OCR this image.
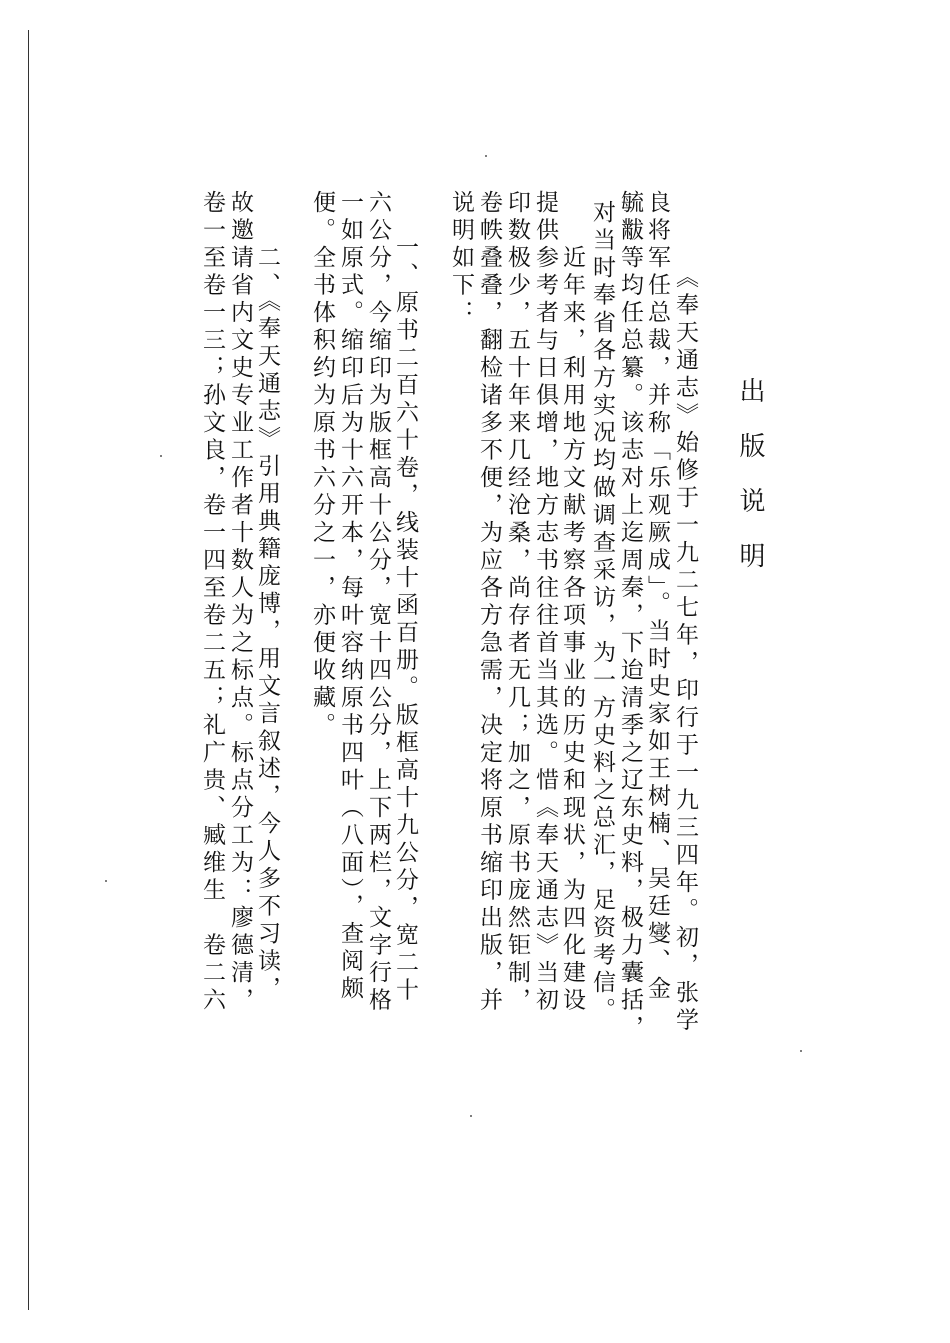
出版说明
《奉天通志》始修于一九二七年，印行于一九三四年。初，张学
良将军任总裁，并称「乐观厥成」。当时史家如王树楠、吴廷燮、金
毓黻等均任总纂。该志对上迄周秦，下迨清季之辽东史料，极力囊括，
对当时奉省各方实况均做调查采访，为一方史料之总汇，足资考信。
近年来，利用地方文献考察各项事业的历史和现状，为四化建设
提供参考者与日俱增，地方志书往往首当其选。惜《奉天通志》当初
印数极少，五十年来几经沧桑，尚存者无几；加之，原书庞然钜制，
卷帙叠叠，翻检诸多不便，为应各方急需，决定将原书缩印出版，并
说明如下：
一、原书二百六十卷，线装十函百册。版框高十九公分，宽二十
六公分，今缩印为版框高十公分，宽十四公分，上下两栏，文字行格
一如原式。缩印后为十六开本，每叶容纳原书四叶（八面），查阅颇
便。全书体积约为原书六分之一，亦便收藏。
二、《奉天通志》引用典籍庞博，用文言叙述，今人多不习读，
故邀请省内文史专业工作者十数人为之标点。标点分工为：廖德清，
卷一至卷一三；孙文良，卷一四至卷二五；礼广贵、臧维生　卷二六
